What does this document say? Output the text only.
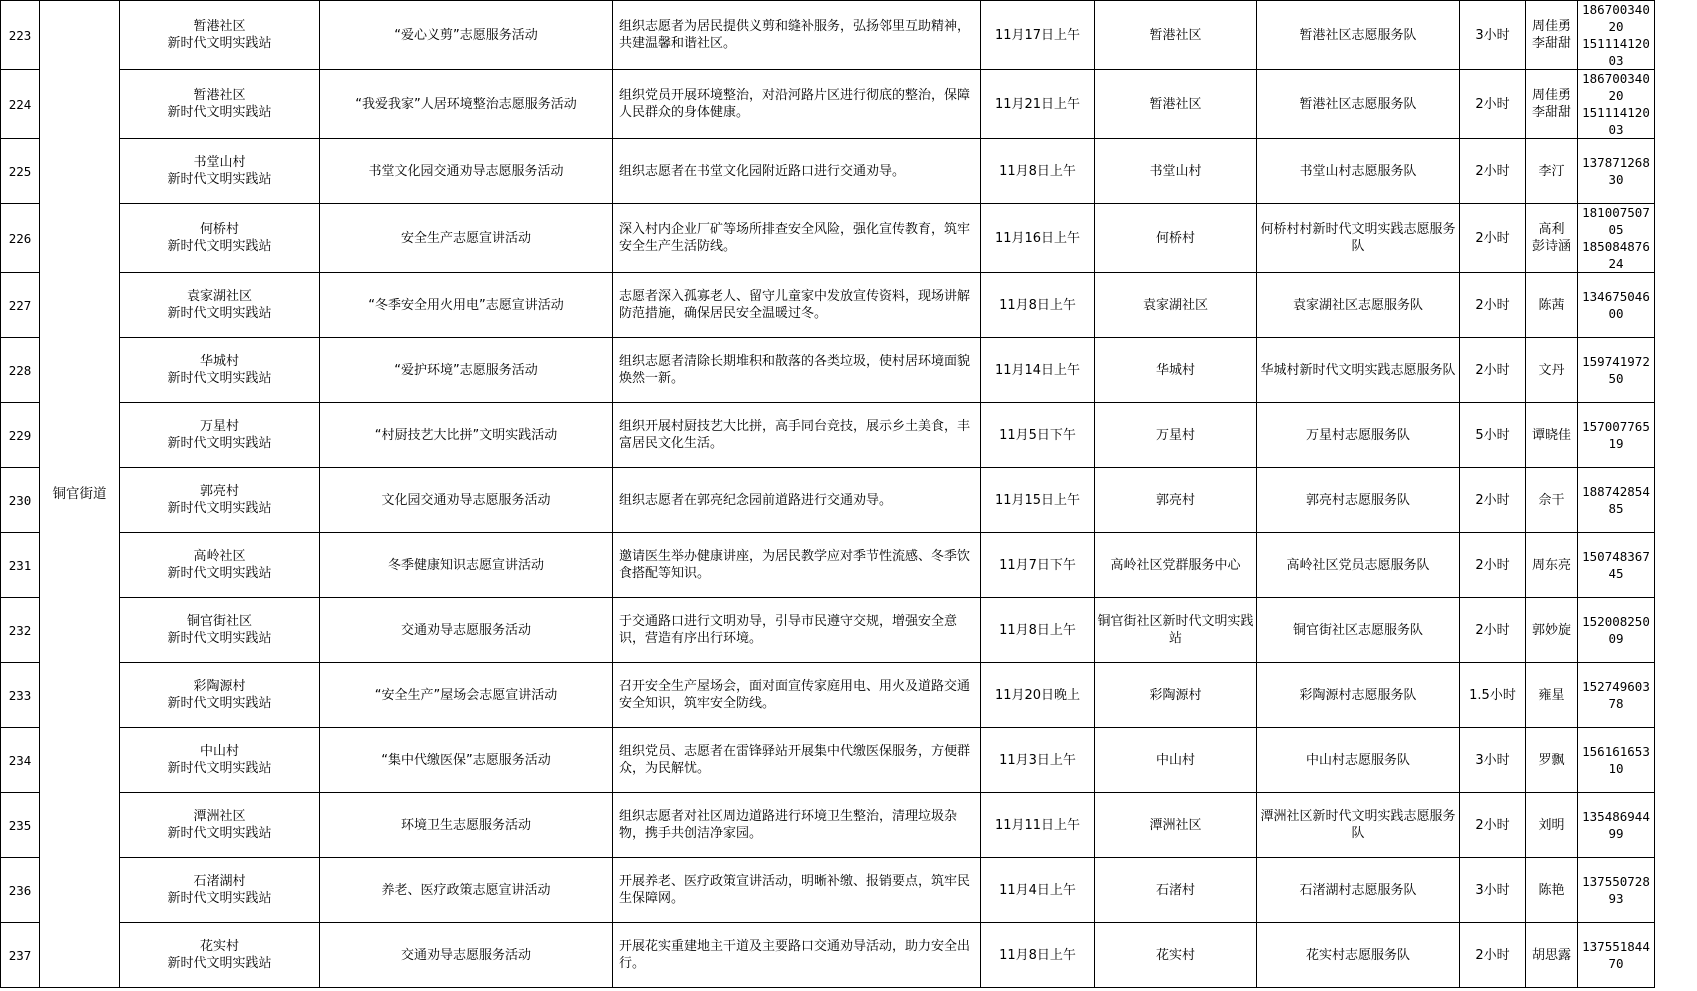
223	铜官街道	暂港社区
新时代文明实践站	“爱心义剪”志愿服务活动	组织志愿者为居民提供义剪和缝补服务，弘扬邻里互助精神，共建温馨和谐社区。	11月17日上午	暂港社区	暂港社区志愿服务队	3小时	周佳勇
李甜甜	18670034020
15111412003

224		暂港社区
新时代文明实践站	“我爱我家”人居环境整治志愿服务活动	组织党员开展环境整治，对沿河路片区进行彻底的整治，保障人民群众的身体健康。	11月21日上午	暂港社区	暂港社区志愿服务队	2小时	周佳勇
李甜甜	18670034020
15111412003

225		书堂山村
新时代文明实践站	书堂文化园交通劝导志愿服务活动	组织志愿者在书堂文化园附近路口进行交通劝导。	11月8日上午	书堂山村	书堂山村志愿服务队	2小时	李汀	13787126830

226		何桥村
新时代文明实践站	安全生产志愿宣讲活动	深入村内企业厂矿等场所排查安全风险，强化宣传教育，筑牢安全生产生活防线。	11月16日上午	何桥村	何桥村村新时代文明实践志愿服务队	2小时	高利
彭诗涵	18100750705
18508487624

227		袁家湖社区
新时代文明实践站	“冬季安全用火用电”志愿宣讲活动	志愿者深入孤寡老人、留守儿童家中发放宣传资料，现场讲解防范措施，确保居民安全温暖过冬。	11月8日上午	袁家湖社区	袁家湖社区志愿服务队	2小时	陈茜	13467504600

228		华城村
新时代文明实践站	“爱护环境”志愿服务活动	组织志愿者清除长期堆积和散落的各类垃圾，使村居环境面貌焕然一新。	11月14日上午	华城村	华城村新时代文明实践志愿服务队	2小时	文丹	15974197250

229		万星村
新时代文明实践站	“村厨技艺大比拼”文明实践活动	组织开展村厨技艺大比拼，高手同台竞技，展示乡土美食，丰富居民文化生活。	11月5日下午	万星村	万星村志愿服务队	5小时	谭晓佳	15700776519

230		郭亮村
新时代文明实践站	文化园交通劝导志愿服务活动	组织志愿者在郭亮纪念园前道路进行交通劝导。	11月15日上午	郭亮村	郭亮村志愿服务队	2小时	佘干	18874285485

231		高岭社区
新时代文明实践站	冬季健康知识志愿宣讲活动	邀请医生举办健康讲座，为居民教学应对季节性流感、冬季饮食搭配等知识。	11月7日下午	高岭社区党群服务中心	高岭社区党员志愿服务队	2小时	周东亮	15074836745

232		铜官街社区
新时代文明实践站	交通劝导志愿服务活动	于交通路口进行文明劝导，引导市民遵守交规，增强安全意识，营造有序出行环境。	11月8日上午	铜官街社区新时代文明实践站	铜官街社区志愿服务队	2小时	郭妙旋	15200825009

233		彩陶源村
新时代文明实践站	“安全生产”屋场会志愿宣讲活动	召开安全生产屋场会，面对面宣传家庭用电、用火及道路交通安全知识，筑牢安全防线。	11月20日晚上	彩陶源村	彩陶源村志愿服务队	1.5小时	雍星	15274960378

234		中山村
新时代文明实践站	“集中代缴医保”志愿服务活动	组织党员、志愿者在雷锋驿站开展集中代缴医保服务，方便群众，为民解忧。	11月3日上午	中山村	中山村志愿服务队	3小时	罗飘	15616165310

235		潭洲社区
新时代文明实践站	环境卫生志愿服务活动	组织志愿者对社区周边道路进行环境卫生整治，清理垃圾杂物，携手共创洁净家园。	11月11日上午	潭洲社区	潭洲社区新时代文明实践志愿服务队	2小时	刘明	13548694499

236		石渚湖村
新时代文明实践站	养老、医疗政策志愿宣讲活动	开展养老、医疗政策宣讲活动，明晰补缴、报销要点，筑牢民生保障网。	11月4日上午	石渚村	石渚湖村志愿服务队	3小时	陈艳	13755072893

237		花实村
新时代文明实践站	交通劝导志愿服务活动	开展花实重建地主干道及主要路口交通劝导活动，助力安全出行。	11月8日上午	花实村	花实村志愿服务队	2小时	胡思露	13755184470
